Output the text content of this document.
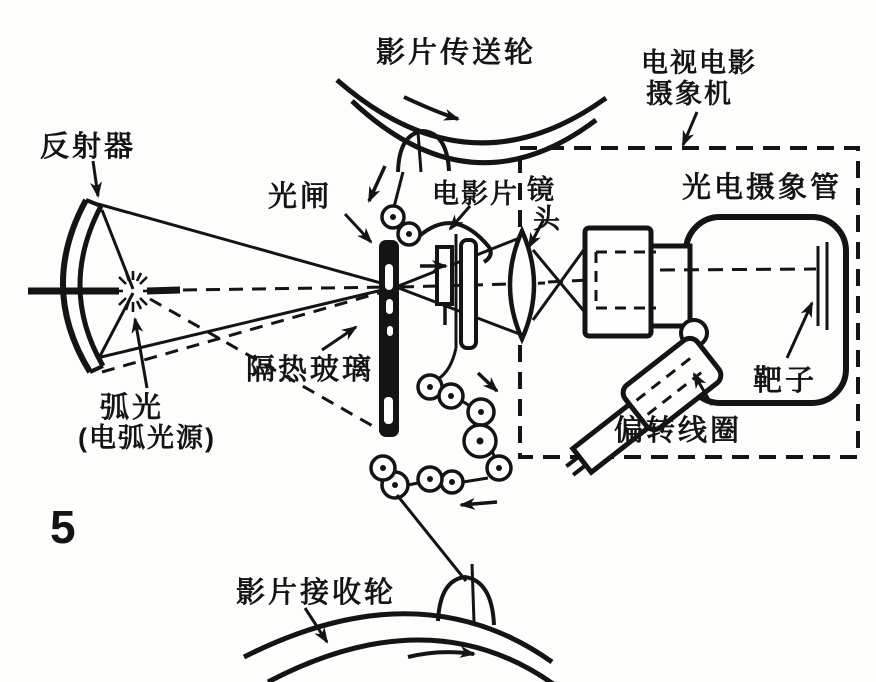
影片传送轮	电视电影
摄象机
反射器
光闸	电影片 镜
头
光电摄象管
隔热玻璃
弧光
(电弧光源)
靶子
偏转线圈
影片接收轮
5
